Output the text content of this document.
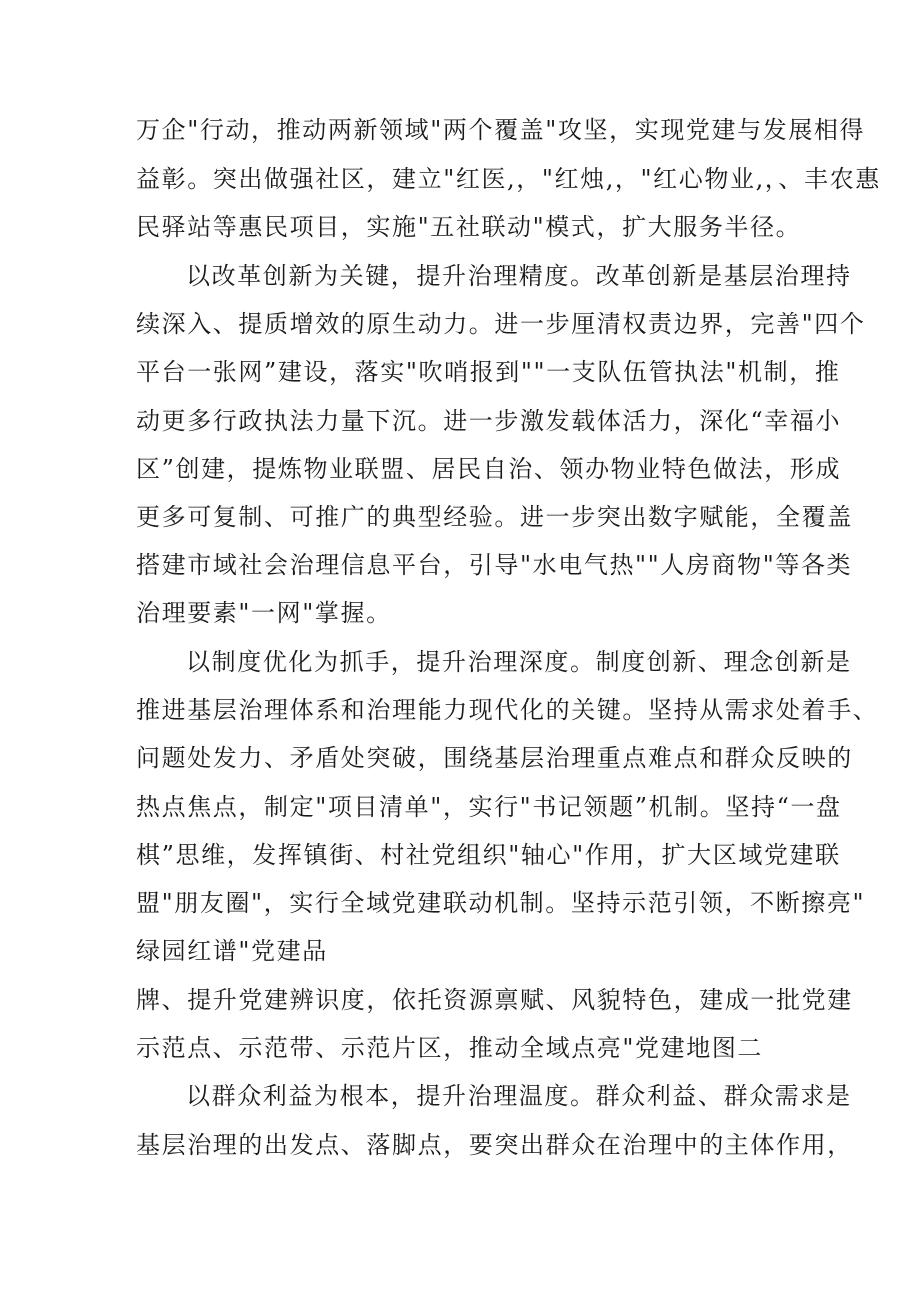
万企"行动，推动两新领域"两个覆盖"攻坚，实现党建与发展相得
益彰。突出做强社区，建立"红医,，"红烛,，"红心物业,，、丰农惠
民驿站等惠民项目，实施"五社联动"模式，扩大服务半径。
以改革创新为关键，提升治理精度。改革创新是基层治理持
续深入、提质增效的原生动力。进一步厘清权责边界，完善"四个
平台一张网”建设，落实"吹哨报到""一支队伍管执法"机制，推
动更多行政执法力量下沉。进一步激发载体活力，深化“幸福小
区”创建，提炼物业联盟、居民自治、领办物业特色做法，形成
更多可复制、可推广的典型经验。进一步突出数字赋能，全覆盖
搭建市域社会治理信息平台，引导"水电气热""人房商物"等各类
治理要素"一网"掌握。
以制度优化为抓手，提升治理深度。制度创新、理念创新是
推进基层治理体系和治理能力现代化的关键。坚持从需求处着手、
问题处发力、矛盾处突破，围绕基层治理重点难点和群众反映的
热点焦点，制定"项目清单"，实行"书记领题”机制。坚持“一盘
棋”思维，发挥镇街、村社党组织"轴心"作用，扩大区域党建联
盟"朋友圈"，实行全域党建联动机制。坚持示范引领，不断擦亮"
绿园红谱"党建品
牌、提升党建辨识度，依托资源禀赋、风貌特色，建成一批党建
示范点、示范带、示范片区，推动全域点亮"党建地图二
以群众利益为根本，提升治理温度。群众利益、群众需求是
基层治理的出发点、落脚点，要突出群众在治理中的主体作用，
